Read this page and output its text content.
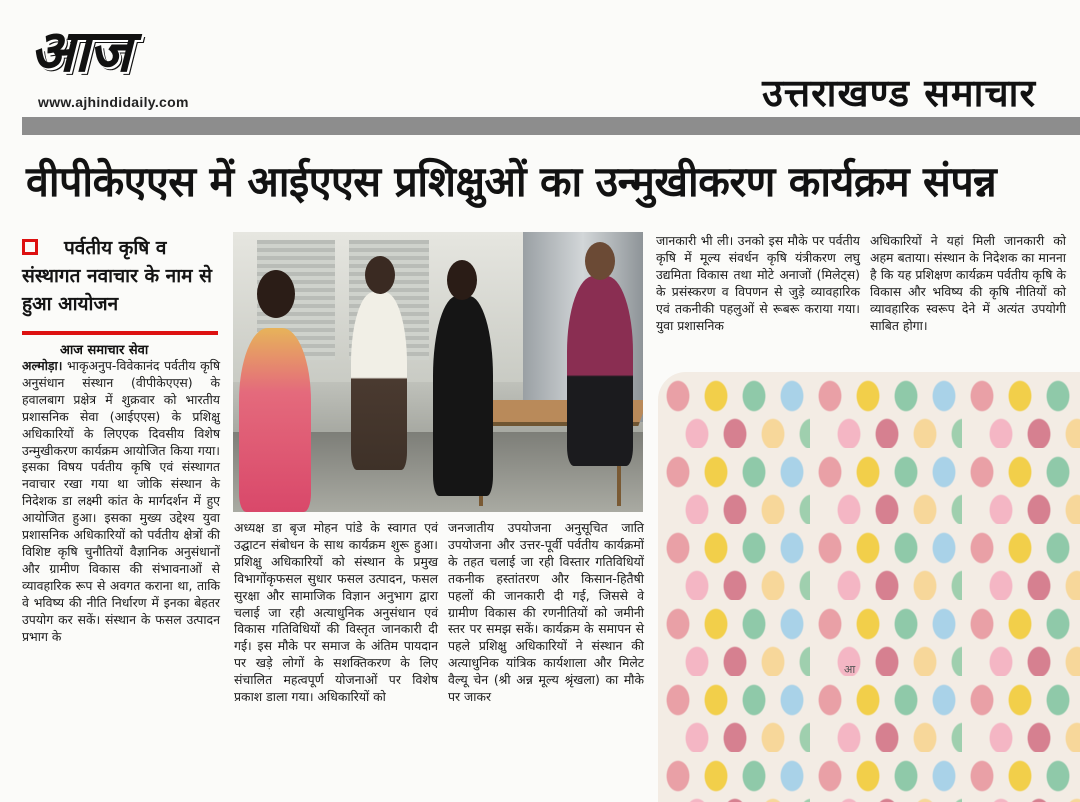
आज
www.ajhindidaily.com	उत्तराखण्ड समाचार
वीपीकेएएस में आईएएस प्रशिक्षुओं का उन्मुखीकरण कार्यक्रम संपन्न
पर्वतीय कृषि व संस्थागत नवाचार के नाम से हुआ आयोजन
आज समाचार सेवा
अल्मोड़ा। भाकृअनुप-विवेकानंद पर्वतीय कृषि अनुसंधान संस्थान (वीपीकेएएस) के हवालबाग प्रक्षेत्र में शुक्रवार को भारतीय प्रशासनिक सेवा (आईएएस) के प्रशिक्षु अधिकारियों के लिएएक दिवसीय विशेष उन्मुखीकरण कार्यक्रम आयोजित किया गया। इसका विषय पर्वतीय कृषि एवं संस्थागत नवाचार रखा गया था जोकि संस्थान के निदेशक डा लक्ष्मी कांत के मार्गदर्शन में हुए आयोजित हुआ। इसका मुख्य उद्देश्य युवा प्रशासनिक अधिकारियों को पर्वतीय क्षेत्रों की विशिष्ट कृषि चुनौतियों वैज्ञानिक अनुसंधानों और ग्रामीण विकास की संभावनाओं से व्यावहारिक रूप से अवगत कराना था, ताकि वे भविष्य की नीति निर्धारण में इनका बेहतर उपयोग कर सकें। संस्थान के फसल उत्पादन प्रभाग के
अध्यक्ष डा बृज मोहन पांडे के स्वागत एवं उद्घाटन संबोधन के साथ कार्यक्रम शुरू हुआ। प्रशिक्षु अधिकारियों को संस्थान के प्रमुख विभागोंकृफसल सुधार फसल उत्पादन, फसल सुरक्षा और सामाजिक विज्ञान अनुभाग द्वारा चलाई जा रही अत्याधुनिक अनुसंधान एवं विकास गतिविधियों की विस्तृत जानकारी दी गई। इस मौके पर समाज के अंतिम पायदान पर खड़े लोगों के सशक्तिकरण के लिए संचालित महत्वपूर्ण योजनाओं पर विशेष प्रकाश डाला गया। अधिकारियों को
जनजातीय उपयोजना अनुसूचित जाति उपयोजना और उत्तर-पूर्वी पर्वतीय कार्यक्रमों के तहत चलाई जा रही विस्तार गतिविधियों तकनीक हस्तांतरण और किसान-हितैषी पहलों की जानकारी दी गई, जिससे वे ग्रामीण विकास की रणनीतियों को जमीनी स्तर पर समझ सकें। कार्यक्रम के समापन से पहले प्रशिक्षु अधिकारियों ने संस्थान की अत्याधुनिक यांत्रिक कार्यशाला और मिलेट वैल्यू चेन (श्री अन्न मूल्य श्रृंखला) का मौके पर जाकर
जानकारी भी ली। उनको इस मौके पर पर्वतीय कृषि में मूल्य संवर्धन कृषि यंत्रीकरण लघु उद्यमिता विकास तथा मोटे अनाजों (मिलेट्स) के प्रसंस्करण व विपणन से जुड़े व्यावहारिक एवं तकनीकी पहलुओं से रूबरू कराया गया। युवा प्रशासनिक
अधिकारियों ने यहां मिली जानकारी को अहम बताया। संस्थान के निदेशक का मानना है कि यह प्रशिक्षण कार्यक्रम पर्वतीय कृषि के विकास और भविष्य की कृषि नीतियों को व्यावहारिक स्वरूप देने में अत्यंत उपयोगी साबित होगा।
आ
